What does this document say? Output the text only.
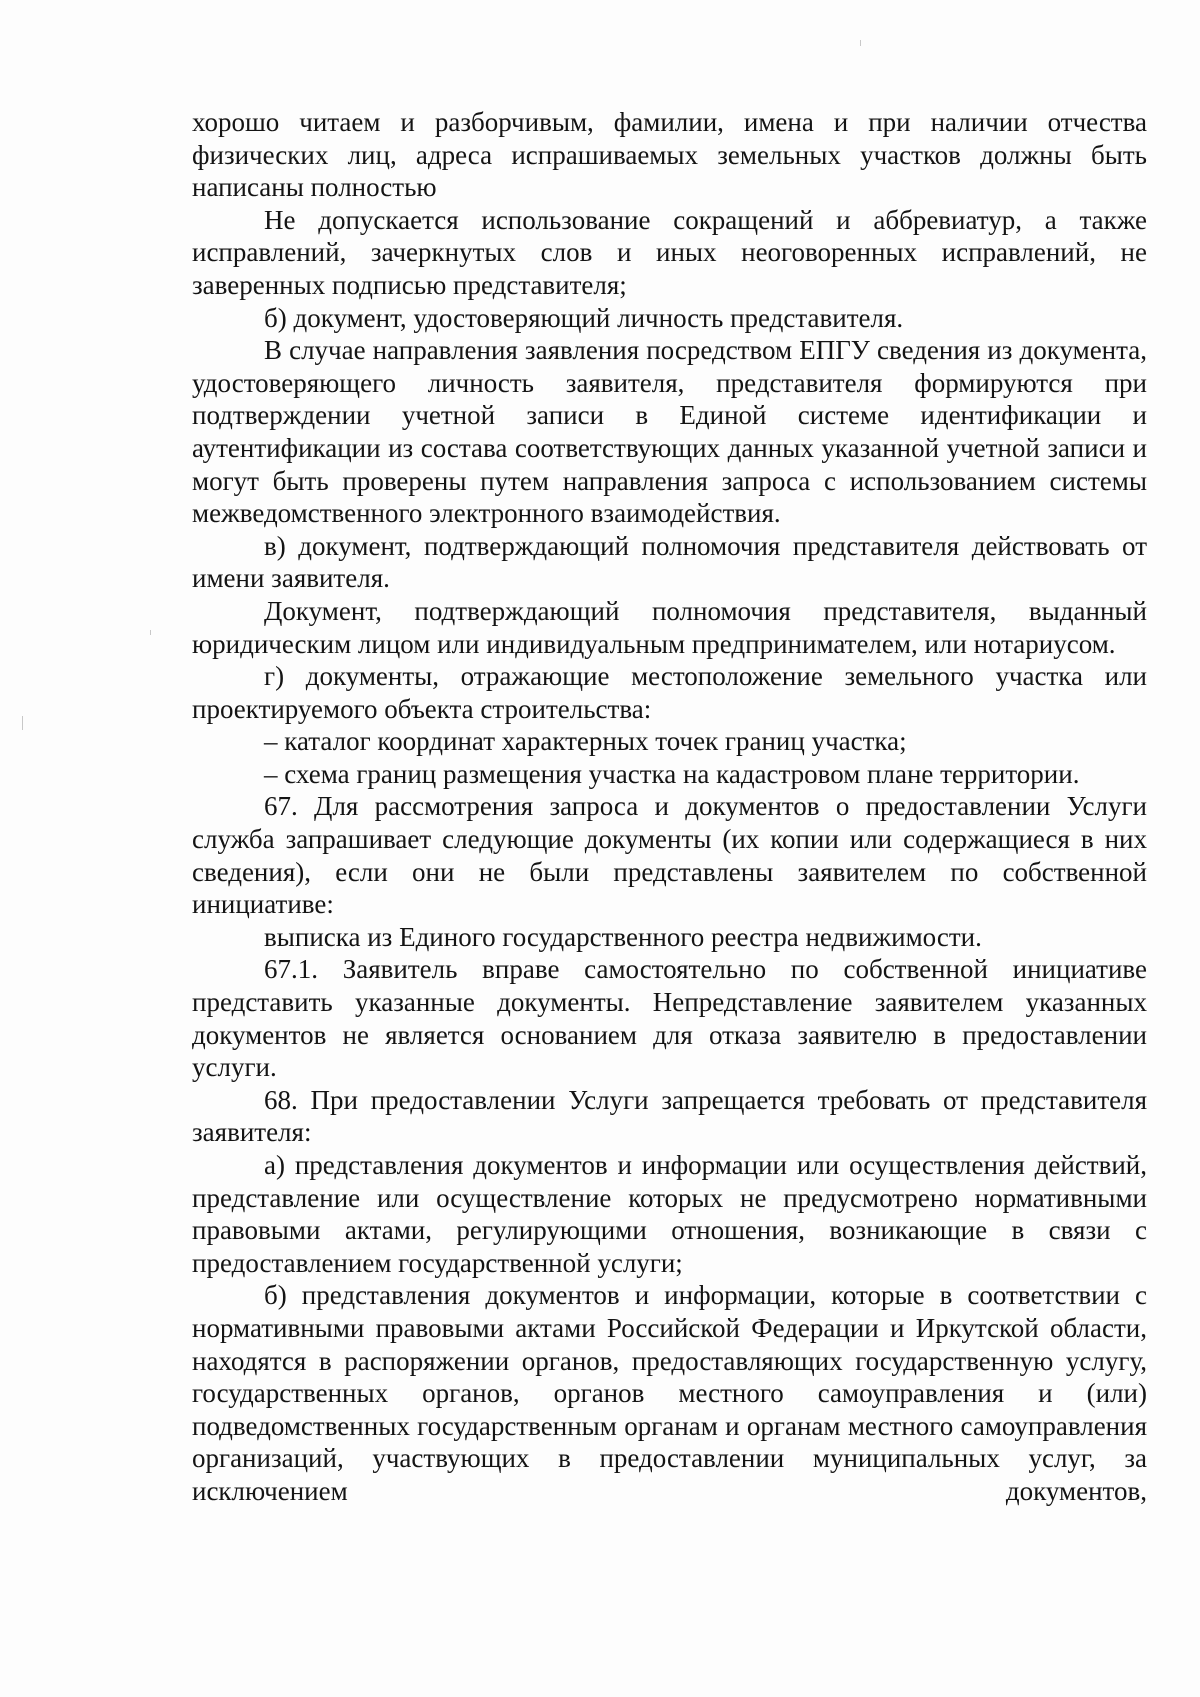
хорошо читаем и разборчивым, фамилии, имена и при наличии отчества физических лиц, адреса испрашиваемых земельных участков должны быть написаны полностью

Не допускается использование сокращений и аббревиатур, а также исправлений, зачеркнутых слов и иных неоговоренных исправлений, не заверенных подписью представителя;

б) документ, удостоверяющий личность представителя.

В случае направления заявления посредством ЕПГУ сведения из документа, удостоверяющего личность заявителя, представителя формируются при подтверждении учетной записи в Единой системе идентификации и аутентификации из состава соответствующих данных указанной учетной записи и могут быть проверены путем направления запроса с использованием системы межведомственного электронного взаимодействия.

в) документ, подтверждающий полномочия представителя действовать от имени заявителя.

Документ, подтверждающий полномочия представителя, выданный юридическим лицом или индивидуальным предпринимателем, или нотариусом.

г) документы, отражающие местоположение земельного участка или проектируемого объекта строительства:

– каталог координат характерных точек границ участка;

– схема границ размещения участка на кадастровом плане территории.

67. Для рассмотрения запроса и документов о предоставлении Услуги служба запрашивает следующие документы (их копии или содержащиеся в них сведения), если они не были представлены заявителем по собственной инициативе:

выписка из Единого государственного реестра недвижимости.

67.1. Заявитель вправе самостоятельно по собственной инициативе представить указанные документы. Непредставление заявителем указанных документов не является основанием для отказа заявителю в предоставлении услуги.

68. При предоставлении Услуги запрещается требовать от представителя заявителя:

а) представления документов и информации или осуществления действий, представление или осуществление которых не предусмотрено нормативными правовыми актами, регулирующими отношения, возникающие в связи с предоставлением государственной услуги;

б) представления документов и информации, которые в соответствии с нормативными правовыми актами Российской Федерации и Иркутской области, находятся в распоряжении органов, предоставляющих государственную услугу, государственных органов, органов местного самоуправления и (или) подведомственных государственным органам и органам местного самоуправления организаций, участвующих в предоставлении муниципальных услуг, за исключением документов,
